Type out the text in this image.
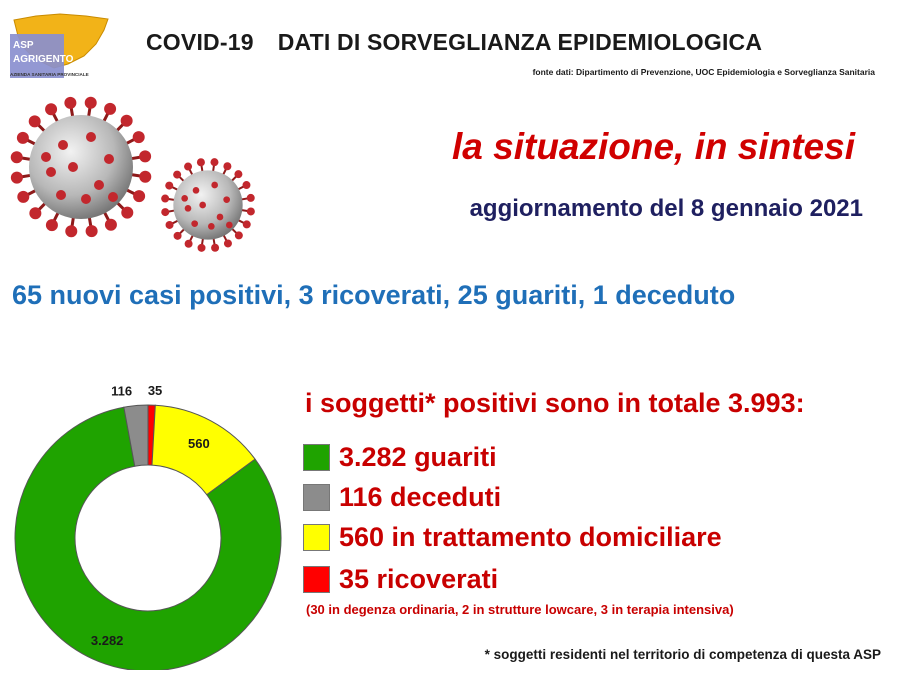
ASP
AGRIGENTO
AZIENDA SANITARIA PROVINCIALE
COVID-19 DATI DI SORVEGLIANZA EPIDEMIOLOGICA
fonte dati: Dipartimento di Prevenzione, UOC Epidemiologia e Sorveglianza Sanitaria
la situazione, in sintesi
aggiornamento del 8 gennaio 2021
65 nuovi casi positivi, 3 ricoverati, 25 guariti, 1 deceduto
35
560
3.282
116	i soggetti* positivi sono in totale 3.993:
3.282 guariti
116 deceduti
560 in trattamento domiciliare
35 ricoverati
(30 in degenza ordinaria, 2 in strutture lowcare, 3 in terapia intensiva)
* soggetti residenti nel territorio di competenza di questa ASP
